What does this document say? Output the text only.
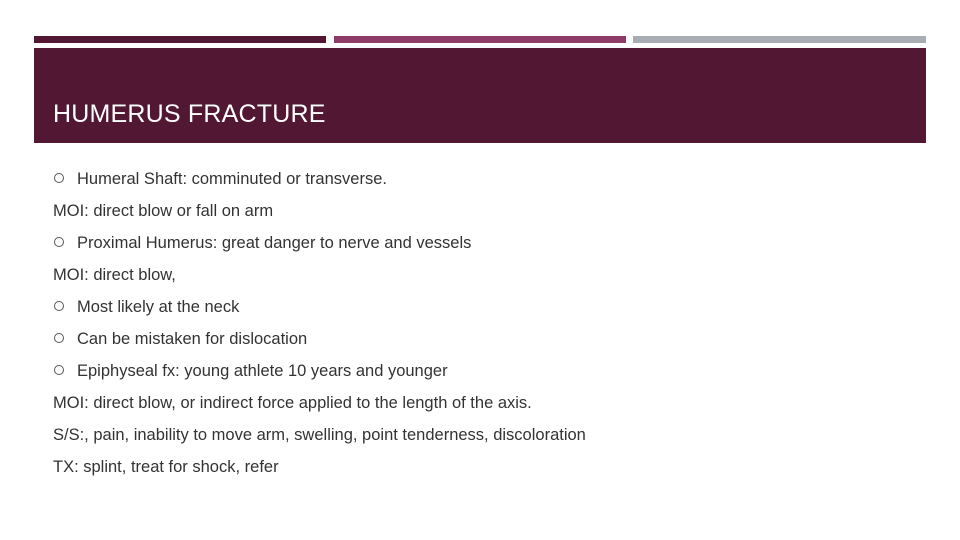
HUMERUS FRACTURE
Humeral Shaft: comminuted or transverse.
MOI: direct blow or fall on arm
Proximal Humerus: great danger to nerve and vessels
MOI: direct blow,
Most likely at the neck
Can be mistaken for dislocation
Epiphyseal fx: young athlete 10 years and younger
MOI: direct blow, or indirect force applied to the length of the axis.
S/S:, pain, inability to move arm, swelling, point tenderness, discoloration
TX: splint, treat for shock, refer
